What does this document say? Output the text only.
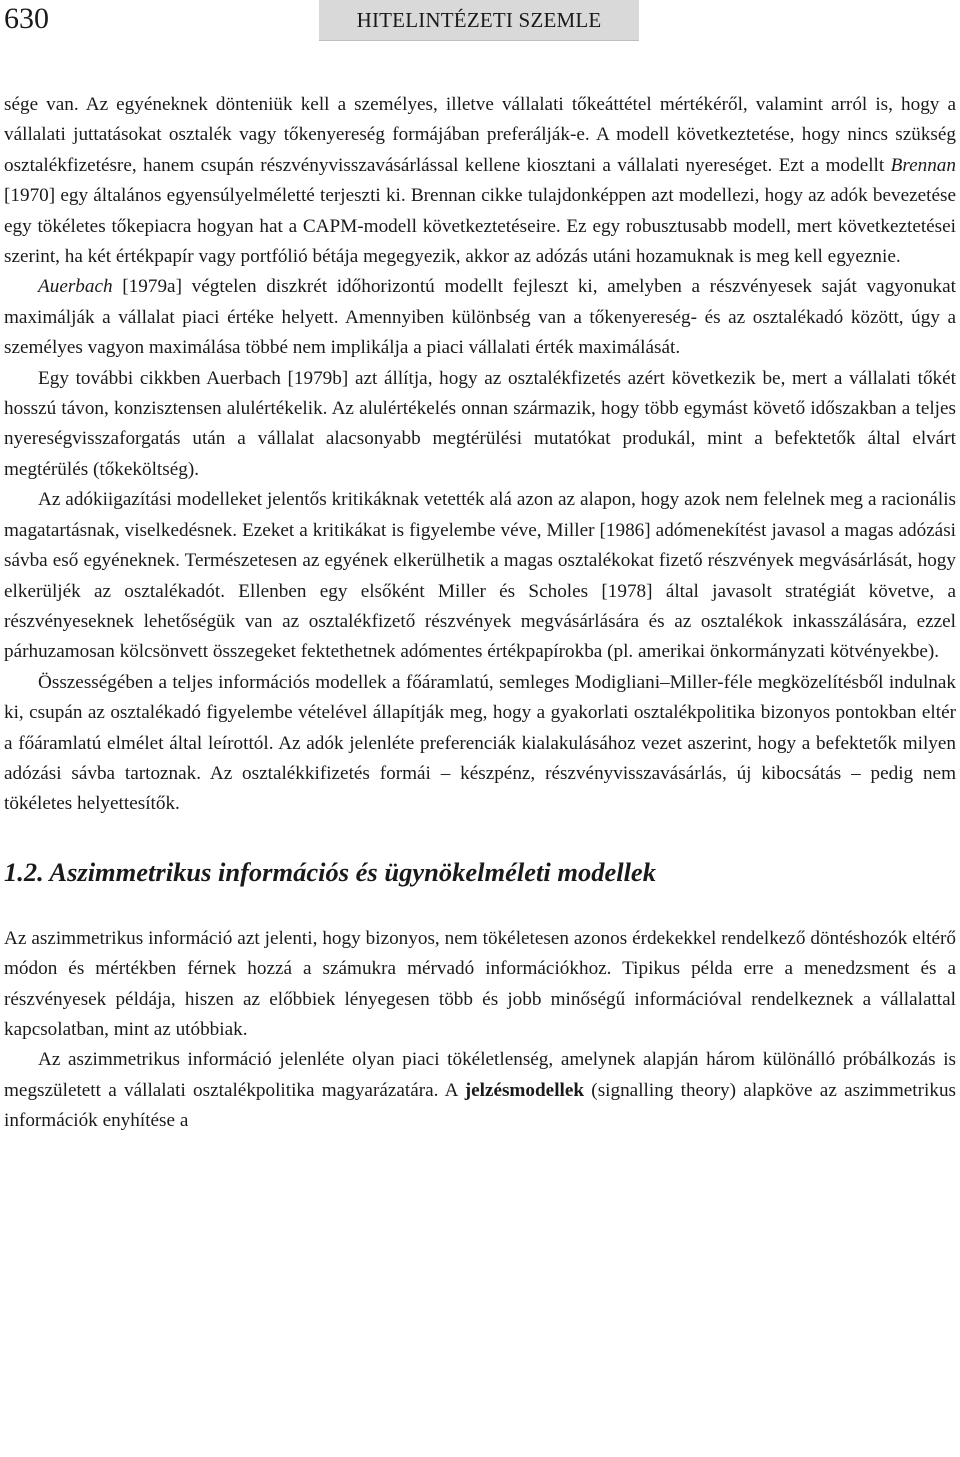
630	HITELINTÉZETI SZEMLE

sége van. Az egyéneknek dönteniük kell a személyes, illetve vállalati tőkeáttétel mértékéről, valamint arról is, hogy a vállalati juttatásokat osztalék vagy tőkenyereség formájában preferálják-e. A modell következtetése, hogy nincs szükség osztalékfizetésre, hanem csupán részvényvisszavásárlással kellene kiosztani a vállalati nyereséget. Ezt a modellt Brennan [1970] egy általános egyensúlyelméletté terjeszti ki. Brennan cikke tulajdonképpen azt modellezi, hogy az adók bevezetése egy tökéletes tőkepiacra hogyan hat a CAPM-modell következtetéseire. Ez egy robusztusabb modell, mert következtetései szerint, ha két értékpapír vagy portfólió bétája megegyezik, akkor az adózás utáni hozamuknak is meg kell egyeznie.

Auerbach [1979a] végtelen diszkrét időhorizontú modellt fejleszt ki, amelyben a részvényesek saját vagyonukat maximálják a vállalat piaci értéke helyett. Amennyiben különbség van a tőkenyereség- és az osztalékadó között, úgy a személyes vagyon maximálása többé nem implikálja a piaci vállalati érték maximálását.

Egy további cikkben Auerbach [1979b] azt állítja, hogy az osztalékfizetés azért következik be, mert a vállalati tőkét hosszú távon, konzisztensen alulértékelik. Az alulértékelés onnan származik, hogy több egymást követő időszakban a teljes nyereségvisszaforgatás után a vállalat alacsonyabb megtérülési mutatókat produkál, mint a befektetők által elvárt megtérülés (tőkeköltség).

Az adókiigazítási modelleket jelentős kritikáknak vetették alá azon az alapon, hogy azok nem felelnek meg a racionális magatartásnak, viselkedésnek. Ezeket a kritikákat is figyelembe véve, Miller [1986] adómenekítést javasol a magas adózási sávba eső egyéneknek. Természetesen az egyének elkerülhetik a magas osztalékokat fizető részvények megvásárlását, hogy elkerüljék az osztalékadót. Ellenben egy elsőként Miller és Scholes [1978] által javasolt stratégiát követve, a részvényeseknek lehetőségük van az osztalékfizető részvények megvásárlására és az osztalékok inkasszálására, ezzel párhuzamosan kölcsönvett összegeket fektethetnek adómentes értékpapírokba (pl. amerikai önkormányzati kötvényekbe).

Összességében a teljes információs modellek a főáramlatú, semleges Modigliani–Miller-féle megközelítésből indulnak ki, csupán az osztalékadó figyelembe vételével állapítják meg, hogy a gyakorlati osztalékpolitika bizonyos pontokban eltér a főáramlatú elmélet által leírottól. Az adók jelenléte preferenciák kialakulásához vezet aszerint, hogy a befektetők milyen adózási sávba tartoznak. Az osztalékkifizetés formái – készpénz, részvényvisszavásárlás, új kibocsátás – pedig nem tökéletes helyettesítők.

1.2. Aszimmetrikus információs és ügynökelméleti modellek

Az aszimmetrikus információ azt jelenti, hogy bizonyos, nem tökéletesen azonos érdekekkel rendelkező döntéshozók eltérő módon és mértékben férnek hozzá a számukra mérvadó információkhoz. Tipikus példa erre a menedzsment és a részvényesek példája, hiszen az előbbiek lényegesen több és jobb minőségű információval rendelkeznek a vállalattal kapcsolatban, mint az utóbbiak.

Az aszimmetrikus információ jelenléte olyan piaci tökéletlenség, amelynek alapján három különálló próbálkozás is megszületett a vállalati osztalékpolitika magyarázatára. A jelzésmodellek (signalling theory) alapköve az aszimmetrikus információk enyhítése a
